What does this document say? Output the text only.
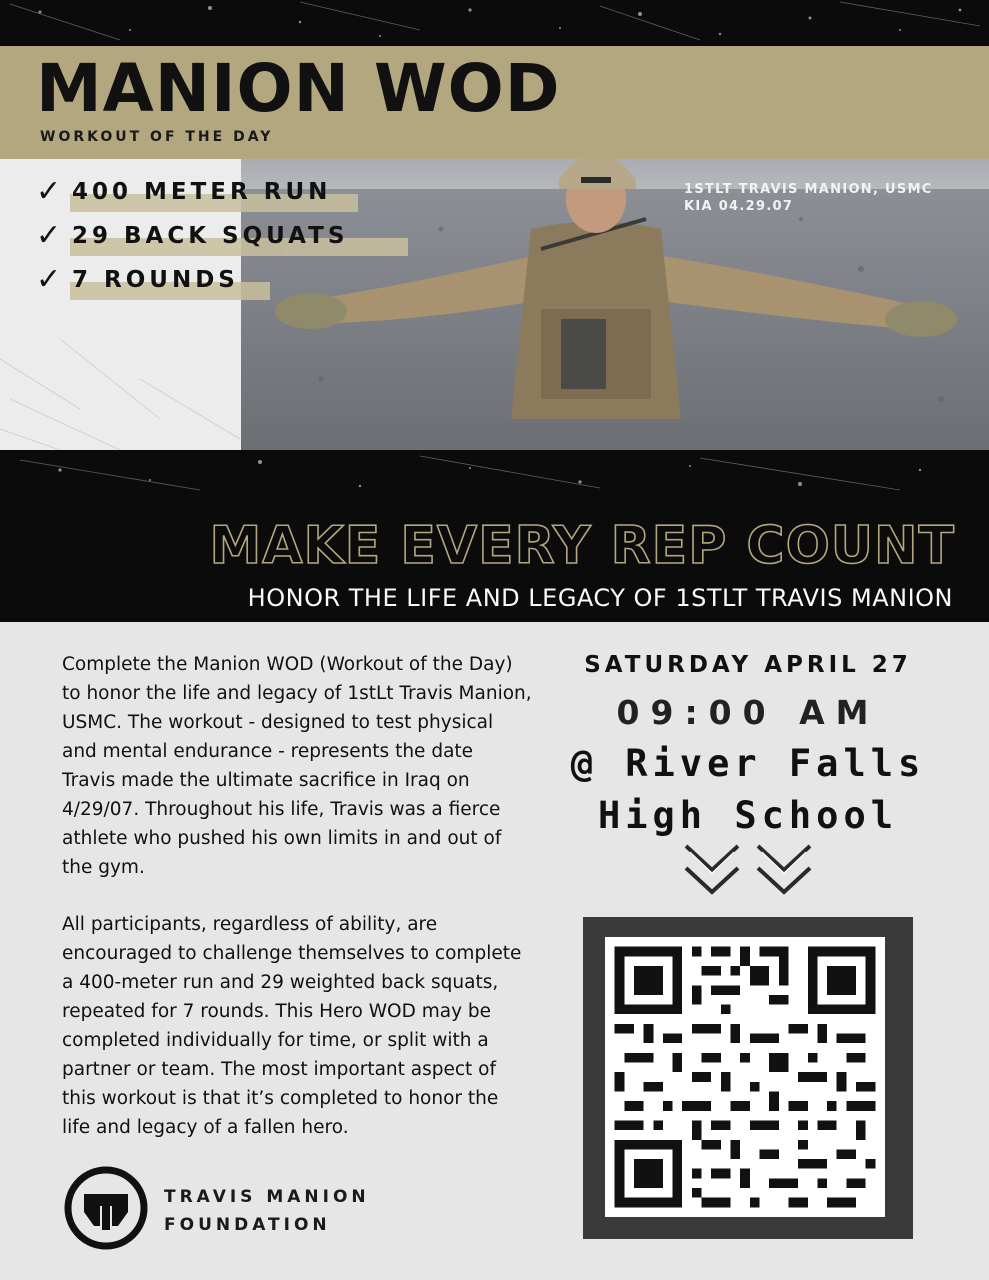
MANION WOD
WORKOUT OF THE DAY
✓ 400 METER RUN
✓ 29 BACK SQUATS
✓ 7 ROUNDS
1STLT TRAVIS MANION, USMC
KIA 04.29.07
MAKE EVERY REP COUNT
HONOR THE LIFE AND LEGACY OF 1STLT TRAVIS MANION

Complete the Manion WOD (Workout of the Day) to honor the life and legacy of 1stLt Travis Manion, USMC. The workout - designed to test physical and mental endurance - represents the date Travis made the ultimate sacrifice in Iraq on 4/29/07. Throughout his life, Travis was a fierce athlete who pushed his own limits in and out of the gym.

All participants, regardless of ability, are encouraged to challenge themselves to complete a 400-meter run and 29 weighted back squats, repeated for 7 rounds. This Hero WOD may be completed individually for time, or split with a partner or team. The most important aspect of this workout is that it’s completed to honor the life and legacy of a fallen hero.

SATURDAY APRIL 27
09:00 AM
@ River Falls
High School
TRAVIS MANION
FOUNDATION
